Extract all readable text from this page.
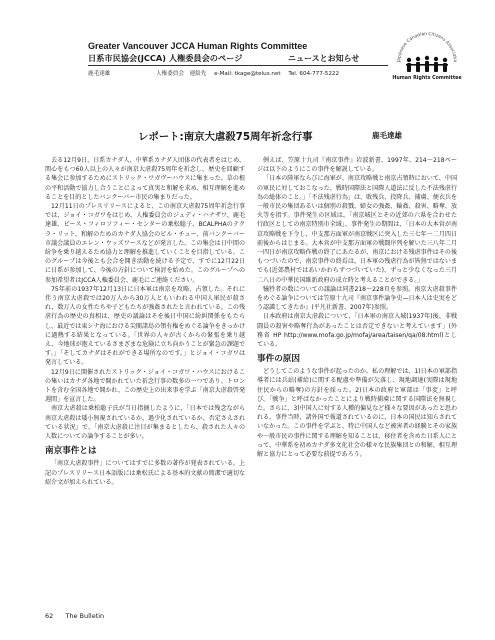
Greater Vancouver JCCA Human Rights Committee
日系市民協会(JCCA) 人権委員会のページ	ニュースとお知らせ
鹿毛達雄	人権委員会　連絡先 e-Mail: tkage@telus.net Tel. 604-777-5222
Japanese Canadian Citizens Associatio
Human Rights Committee
レポート:南京大虐殺75周年祈念行事	鹿毛達雄

去る12月9日、日系カナダ人、中華系カナダ人団体の代表者をはじめ、関心をもつ60人以上の人々が南京大虐殺75周年を祈念し、歴史を回顧する集会に参加するためにストリック・ワガヴーハウスに集まった。草の根の平和活動で協力し合うことによって真実と和解を求め、相互理解を進めることを目的としたバンクーバー市民の集まりだった。

12月11日のプレスリリースによると、この南京大虐殺75周年祈念行事では、ジョイ・コガワをはじめ、人権委員会のジュディ・ハナザワ、鹿毛達雄、ピース・フィロソフィー・センターの乗松聡子、BCALPHAのテクラ・リット、和解のためのカナダ人協会のビル・チュー、前バンクーバー市議会議員のエレン・ウッズワースなどが発言した。この集会は日中間の紛争を乗り越えるため協力と理解を推進していくことを目指している。このグループは今後とも会合を開き活動を続ける予定で、すでに12月22日に日系が参加して、今後の方針について検討を始めた。このグループへの参加希望者はJCCA人権委員会、鹿毛にご連絡ください。

75年前の1937年12月13日に日本軍は南京を攻略、占領した。それに伴う南京大虐殺では20万人から30万人ともいわれる中国人軍民が殺され、数万人の女性たちや子どもたちが強姦されたと言われている。この残虐行為の歴史の真相は、歴史の議論はそを後日中国に紛糾関係をもたらし、最近では東シナ海における尖閣諸島の領有権をめぐる論争をきっかけに過熱する結果となっている。「世界の人々が古くからの緊張を乗り越え、今地球が抱えているさまざまな危険に立ち向かうことが緊急の課題です。」「そしてカナダはそれができる場所なのです。」とジョイ・コガワは発言している。

12月9日に開催されたストリック・ジョイ・コガワ・ハウスにおけるこの集いはカナダ各地で開かれていた祈念行事の数多の一つであり、トロントを含む全国各地で開かれ、この歴史上の出来事を学ぶ「南京大虐殺啓発週間」を宣言した。

南京大虐殺は乗松聡子氏が当日指摘したように、「日本では残念ながら南京大虐殺は矮小無視されているか、過少化されているか、否定さえされている状況」で、「南京大虐殺に注目が集まるとしたら、殺された人々の人数についての論争することが多い。

南京事件とは

「南京大虐殺事件」についてはすでに多数の著作が発表されている。上記のプレスリリース日本語版には乗松氏による基本的文献の簡潔で適切な紹介文が加えられている。

例えば、笠原十九司『南京事件』岩波新書、1997年、214〜218ページは以下のようにこの事件を解説している。

「日本の陸軍ならびに海軍が、南京攻略戦と南京占領時において、中国の軍民に対しておこなった、戦時国際法と国際人道法に反した不法残虐行為の総体のこと。」「不法残虐行為」は、敗残兵、投降兵、捕虜、便衣兵を一般市民の集団あるいは個別の殺戮、婦女の強姦、輪姦、殺害、略奪、放火等を指す。事件発生の区域は、「南京城区とその近郊の六県を合わせた行政区としての南京特別市全域」、事件発生の期間は、「日本の大本営が南京攻略戦を下令し、中支那方面軍が南京戦区に突入した三七年一二月四日前後からはじまる。大本営が中支那方面軍の戦闘序列を解いた三八年二月一四日が南京攻略作戦の終了にあたるが、南京における残虐事件はその後もつづいたので、南京事件の終焉は、日本軍の残虐行為が皆無ではないまでも(近郊農村ではあいかわらずつづいていた)、ずっと少なくなった三月二八日の中華民国維新政府の成立時と考えることができる。」

犠牲者の数についての議論は同書218〜228頁を参照。南京大虐殺事件をめぐる論争については笠原十九司『南京事件論争史—日本人は史実をどう認識してきたか』(平凡社新書、2007年)参照。

日本政府は南京大虐殺について、「日本軍の南京入城(1937年)後、非戦闘員の殺害や略奪行為があったことは否定できないと考えています」(外務省 HP http://www.mofa.go.jp/mofaj/area/taisen/qa/08.html)としている。

事件の原因

どうしてこのような事件が起ったのか。私の理解では、1)日本の軍部指導者には兵站(補給)に関する配慮や準備が欠落し、現地調達(実際は現地住民からの略奪)の方針を採った。2)日本の政府と軍部は「事変」と呼び、「戦争」と呼ばなかったことにより戦時捕虜に関する国際法を無視した。さらに、3)中国人に対する人種的偏見など様々な要因があったと思われる。事件当時、諸外国で報道されているのに、日本の国民は知らされていなかった。この事件を学ぶと、特に中国人など被害者の経験とその家族や一般市民の事件に関する理解を知ることは、移住者を含めた日系人にとって、中華系を初めカナダ多文化社会の様々な民族集団との和解、相互理解と協力にとって必要な前提であろう。

62 The Bulletin
